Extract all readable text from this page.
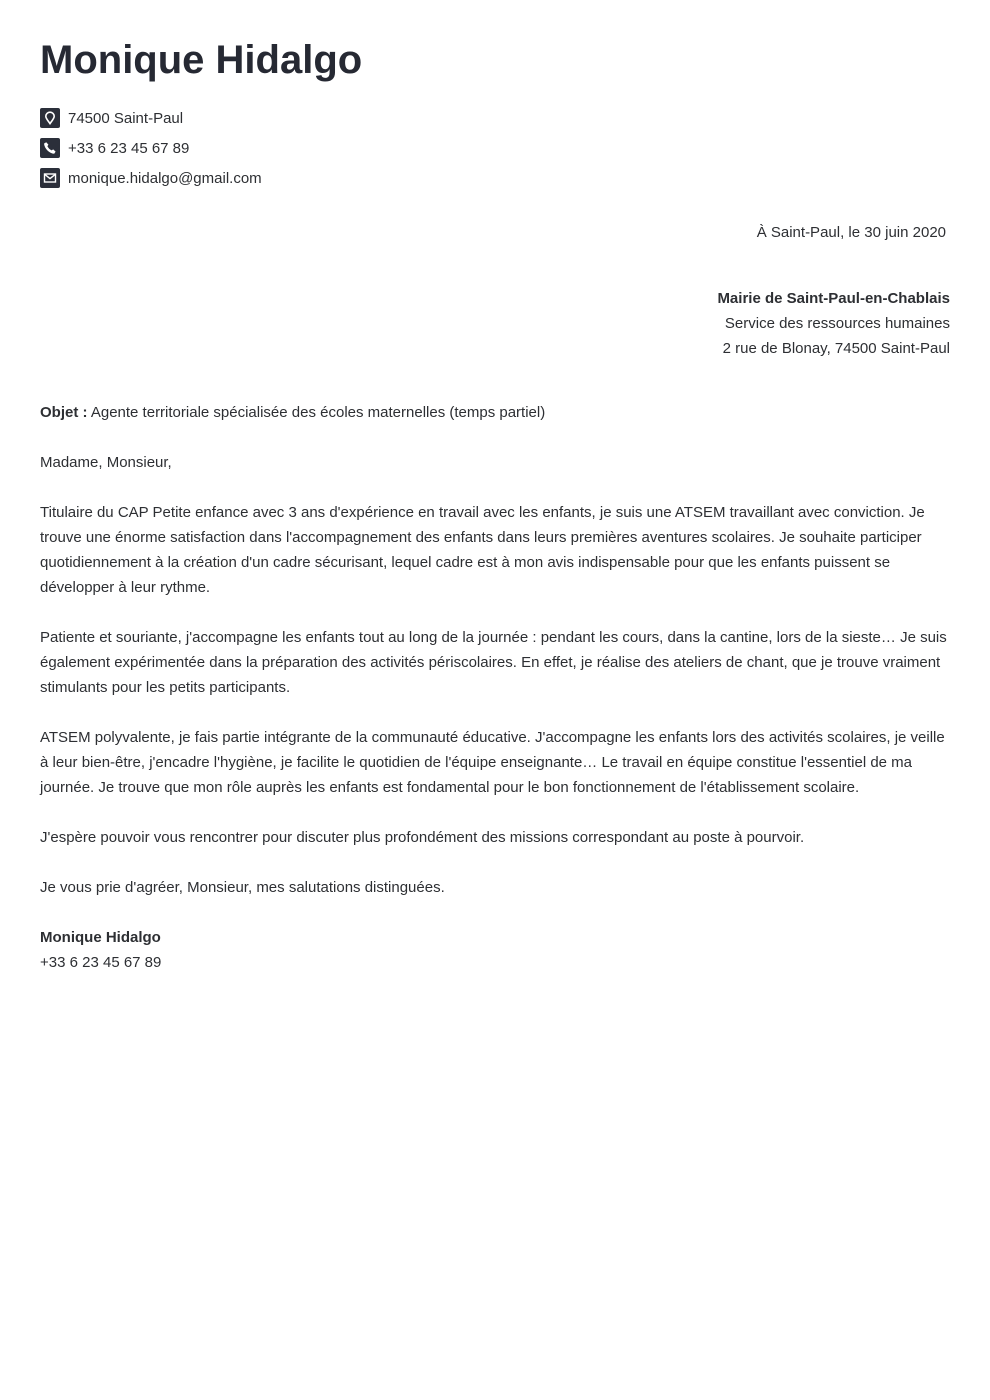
Monique Hidalgo
74500 Saint-Paul
+33 6 23 45 67 89
monique.hidalgo@gmail.com
À Saint-Paul, le 30 juin 2020
Mairie de Saint-Paul-en-Chablais
Service des ressources humaines
2 rue de Blonay, 74500 Saint-Paul

Objet : Agente territoriale spécialisée des écoles maternelles (temps partiel)

Madame, Monsieur,

Titulaire du CAP Petite enfance avec 3 ans d'expérience en travail avec les enfants, je suis une ATSEM travaillant avec conviction. Je trouve une énorme satisfaction dans l'accompagnement des enfants dans leurs premières aventures scolaires. Je souhaite participer quotidiennement à la création d'un cadre sécurisant, lequel cadre est à mon avis indispensable pour que les enfants puissent se développer à leur rythme.

Patiente et souriante, j'accompagne les enfants tout au long de la journée : pendant les cours, dans la cantine, lors de la sieste… Je suis également expérimentée dans la préparation des activités périscolaires. En effet, je réalise des ateliers de chant, que je trouve vraiment stimulants pour les petits participants.

ATSEM polyvalente, je fais partie intégrante de la communauté éducative. J'accompagne les enfants lors des activités scolaires, je veille à leur bien-être, j'encadre l'hygiène, je facilite le quotidien de l'équipe enseignante… Le travail en équipe constitue l'essentiel de ma journée. Je trouve que mon rôle auprès les enfants est fondamental pour le bon fonctionnement de l'établissement scolaire.

J'espère pouvoir vous rencontrer pour discuter plus profondément des missions correspondant au poste à pourvoir.

Je vous prie d'agréer, Monsieur, mes salutations distinguées.

Monique Hidalgo
+33 6 23 45 67 89
